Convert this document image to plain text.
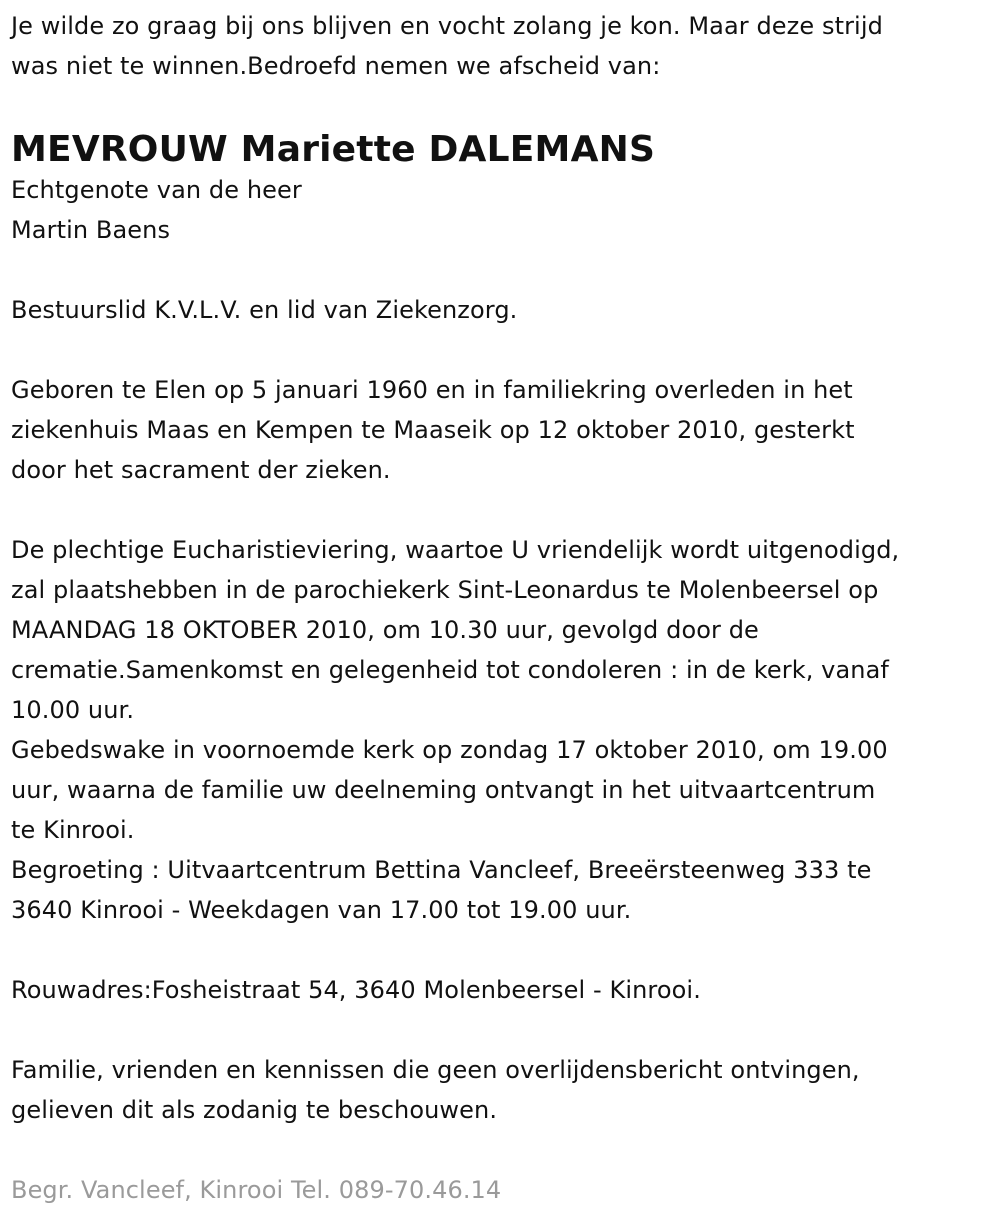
Je wilde zo graag bij ons blijven en vocht zolang je kon. Maar deze strijd
was niet te winnen.Bedroefd nemen we afscheid van:
MEVROUW Mariette DALEMANS
Echtgenote van de heer
Martin Baens
Bestuurslid K.V.L.V. en lid van Ziekenzorg.
Geboren te Elen op 5 januari 1960 en in familiekring overleden in het
ziekenhuis Maas en Kempen te Maaseik op 12 oktober 2010, gesterkt
door het sacrament der zieken.
De plechtige Eucharistieviering, waartoe U vriendelijk wordt uitgenodigd,
zal plaatshebben in de parochiekerk Sint-Leonardus te Molenbeersel op
MAANDAG 18 OKTOBER 2010, om 10.30 uur, gevolgd door de
crematie.Samenkomst en gelegenheid tot condoleren : in de kerk, vanaf
10.00 uur.
Gebedswake in voornoemde kerk op zondag 17 oktober 2010, om 19.00
uur, waarna de familie uw deelneming ontvangt in het uitvaartcentrum
te Kinrooi.
Begroeting : Uitvaartcentrum Bettina Vancleef, Breeërsteenweg 333 te
3640 Kinrooi - Weekdagen van 17.00 tot 19.00 uur.
Rouwadres:Fosheistraat 54, 3640 Molenbeersel - Kinrooi.
Familie, vrienden en kennissen die geen overlijdensbericht ontvingen,
gelieven dit als zodanig te beschouwen.
Begr. Vancleef, Kinrooi Tel. 089-70.46.14
